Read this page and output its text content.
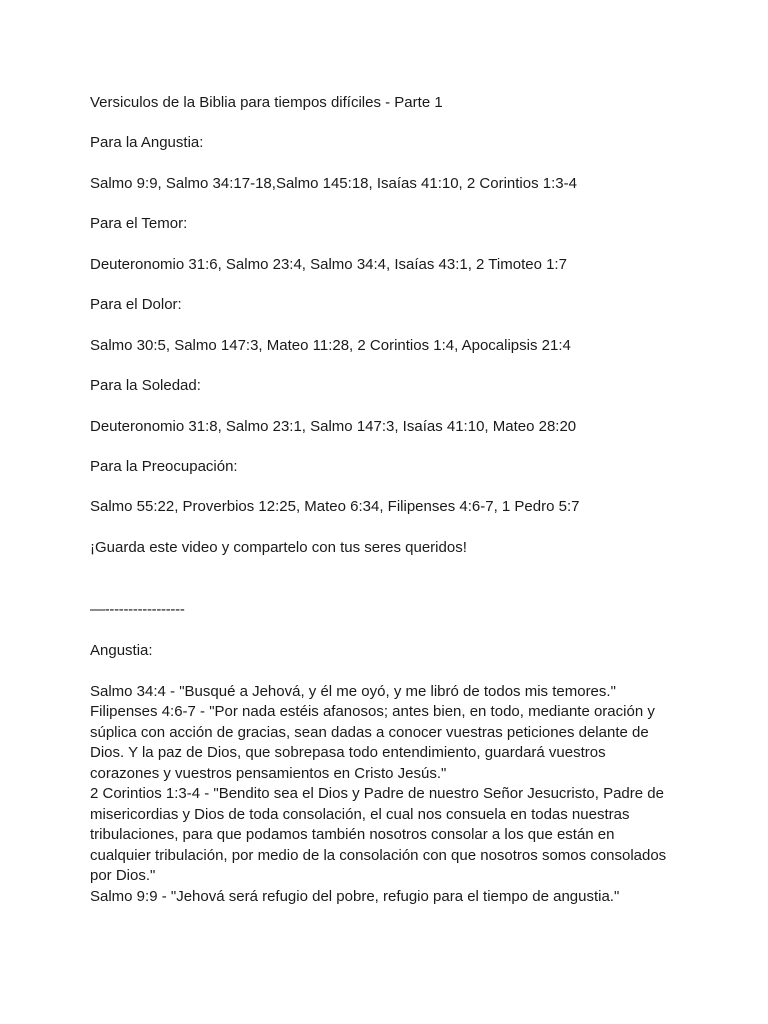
Versiculos de la Biblia para tiempos difíciles - Parte 1

Para la Angustia:

Salmo 9:9, Salmo 34:17-18,Salmo 145:18, Isaías 41:10, 2 Corintios 1:3-4

Para el Temor:

Deuteronomio 31:6, Salmo 23:4, Salmo 34:4, Isaías 43:1, 2 Timoteo 1:7

Para el Dolor:

Salmo 30:5, Salmo 147:3, Mateo 11:28, 2 Corintios 1:4, Apocalipsis 21:4

Para la Soledad:

Deuteronomio 31:8, Salmo 23:1, Salmo 147:3, Isaías 41:10, Mateo 28:20

Para la Preocupación:

Salmo 55:22, Proverbios 12:25, Mateo 6:34, Filipenses 4:6-7, 1 Pedro 5:7

¡Guarda este video y compartelo con tus seres queridos!

—-----------------

Angustia:

Salmo 34:4 - "Busqué a Jehová, y él me oyó, y me libró de todos mis temores."

Filipenses 4:6-7 - "Por nada estéis afanosos; antes bien, en todo, mediante oración y

súplica con acción de gracias, sean dadas a conocer vuestras peticiones delante de

Dios. Y la paz de Dios, que sobrepasa todo entendimiento, guardará vuestros

corazones y vuestros pensamientos en Cristo Jesús."

2 Corintios 1:3-4 - "Bendito sea el Dios y Padre de nuestro Señor Jesucristo, Padre de

misericordias y Dios de toda consolación, el cual nos consuela en todas nuestras

tribulaciones, para que podamos también nosotros consolar a los que están en

cualquier tribulación, por medio de la consolación con que nosotros somos consolados

por Dios."

Salmo 9:9 - "Jehová será refugio del pobre, refugio para el tiempo de angustia."
